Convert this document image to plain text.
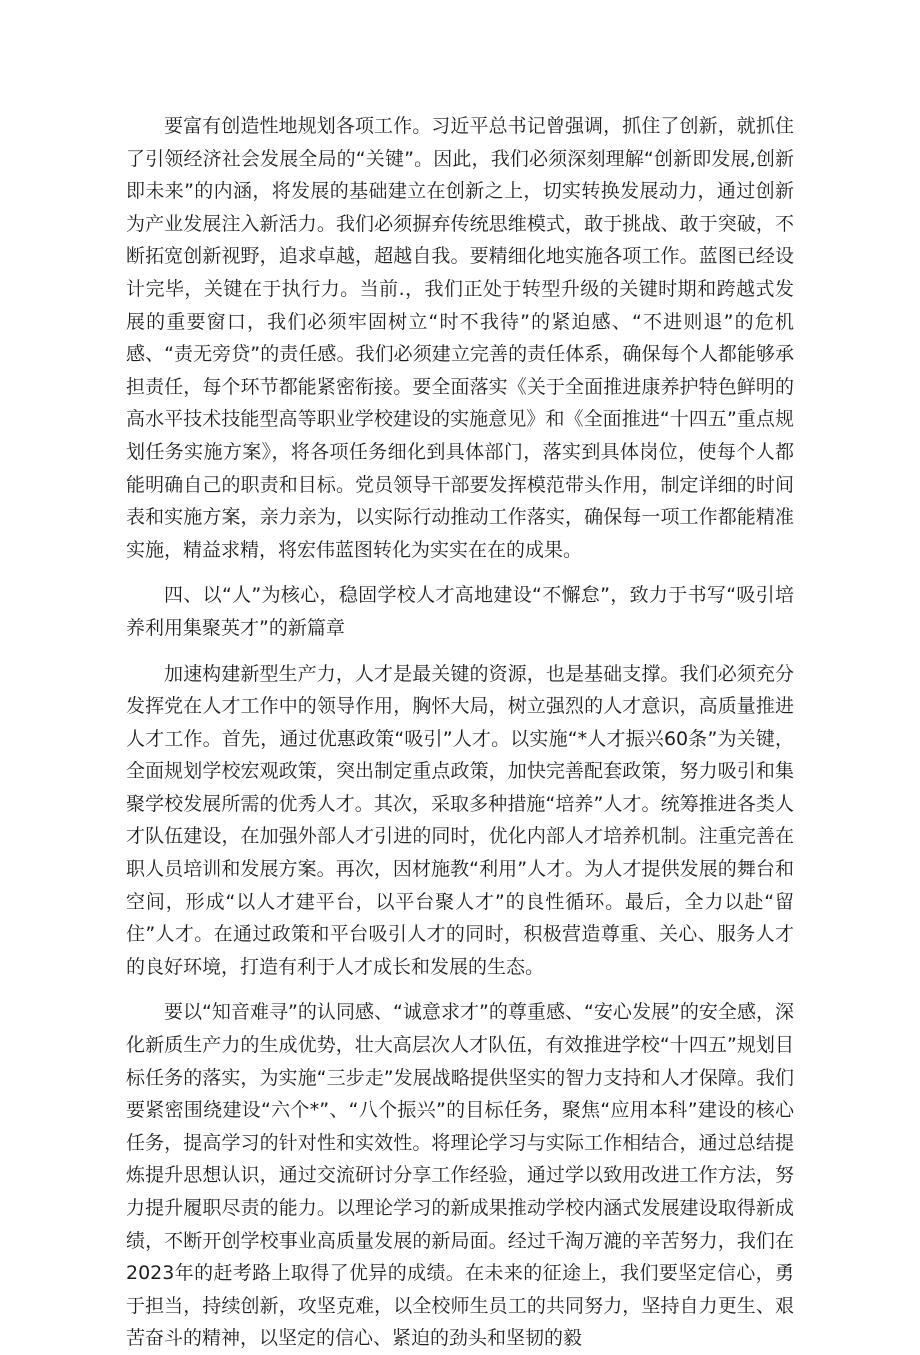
要富有创造性地规划各项工作。习近平总书记曾强调，抓住了创新，就抓住了引领经济社会发展全局的“关键”。因此，我们必须深刻理解“创新即发展,创新即未来”的内涵，将发展的基础建立在创新之上，切实转换发展动力，通过创新为产业发展注入新活力。我们必须摒弃传统思维模式，敢于挑战、敢于突破，不断拓宽创新视野，追求卓越，超越自我。要精细化地实施各项工作。蓝图已经设计完毕，关键在于执行力。当前.，我们正处于转型升级的关键时期和跨越式发展的重要窗口，我们必须牢固树立“时不我待”的紧迫感、“不进则退”的危机感、“责无旁贷”的责任感。我们必须建立完善的责任体系，确保每个人都能够承担责任，每个环节都能紧密衔接。要全面落实《关于全面推进康养护特色鲜明的高水平技术技能型高等职业学校建设的实施意见》和《全面推进“十四五”重点规划任务实施方案》，将各项任务细化到具体部门，落实到具体岗位，使每个人都能明确自己的职责和目标。党员领导干部要发挥模范带头作用，制定详细的时间表和实施方案，亲力亲为，以实际行动推动工作落实，确保每一项工作都能精准实施，精益求精，将宏伟蓝图转化为实实在在的成果。

四、以“人”为核心，稳固学校人才高地建设“不懈怠”，致力于书写“吸引培养利用集聚英才”的新篇章

加速构建新型生产力，人才是最关键的资源，也是基础支撑。我们必须充分发挥党在人才工作中的领导作用，胸怀大局，树立强烈的人才意识，高质量推进人才工作。首先，通过优惠政策“吸引”人才。以实施“*人才振兴60条”为关键，全面规划学校宏观政策，突出制定重点政策，加快完善配套政策，努力吸引和集聚学校发展所需的优秀人才。其次，采取多种措施“培养”人才。统筹推进各类人才队伍建设，在加强外部人才引进的同时，优化内部人才培养机制。注重完善在职人员培训和发展方案。再次，因材施教“利用”人才。为人才提供发展的舞台和空间，形成“以人才建平台，以平台聚人才”的良性循环。最后，全力以赴“留住”人才。在通过政策和平台吸引人才的同时，积极营造尊重、关心、服务人才的良好环境，打造有利于人才成长和发展的生态。

要以“知音难寻”的认同感、“诚意求才”的尊重感、“安心发展”的安全感，深化新质生产力的生成优势，壮大高层次人才队伍，有效推进学校“十四五”规划目标任务的落实，为实施“三步走”发展战略提供坚实的智力支持和人才保障。我们要紧密围绕建设“六个*”、“八个振兴”的目标任务，聚焦“应用本科”建设的核心任务，提高学习的针对性和实效性。将理论学习与实际工作相结合，通过总结提炼提升思想认识，通过交流研讨分享工作经验，通过学以致用改进工作方法，努力提升履职尽责的能力。以理论学习的新成果推动学校内涵式发展建设取得新成绩，不断开创学校事业高质量发展的新局面。经过千淘万漉的辛苦努力，我们在2023年的赶考路上取得了优异的成绩。在未来的征途上，我们要坚定信心，勇于担当，持续创新，攻坚克难，以全校师生员工的共同努力，坚持自力更生、艰苦奋斗的精神，以坚定的信心、紧迫的劲头和坚韧的毅
